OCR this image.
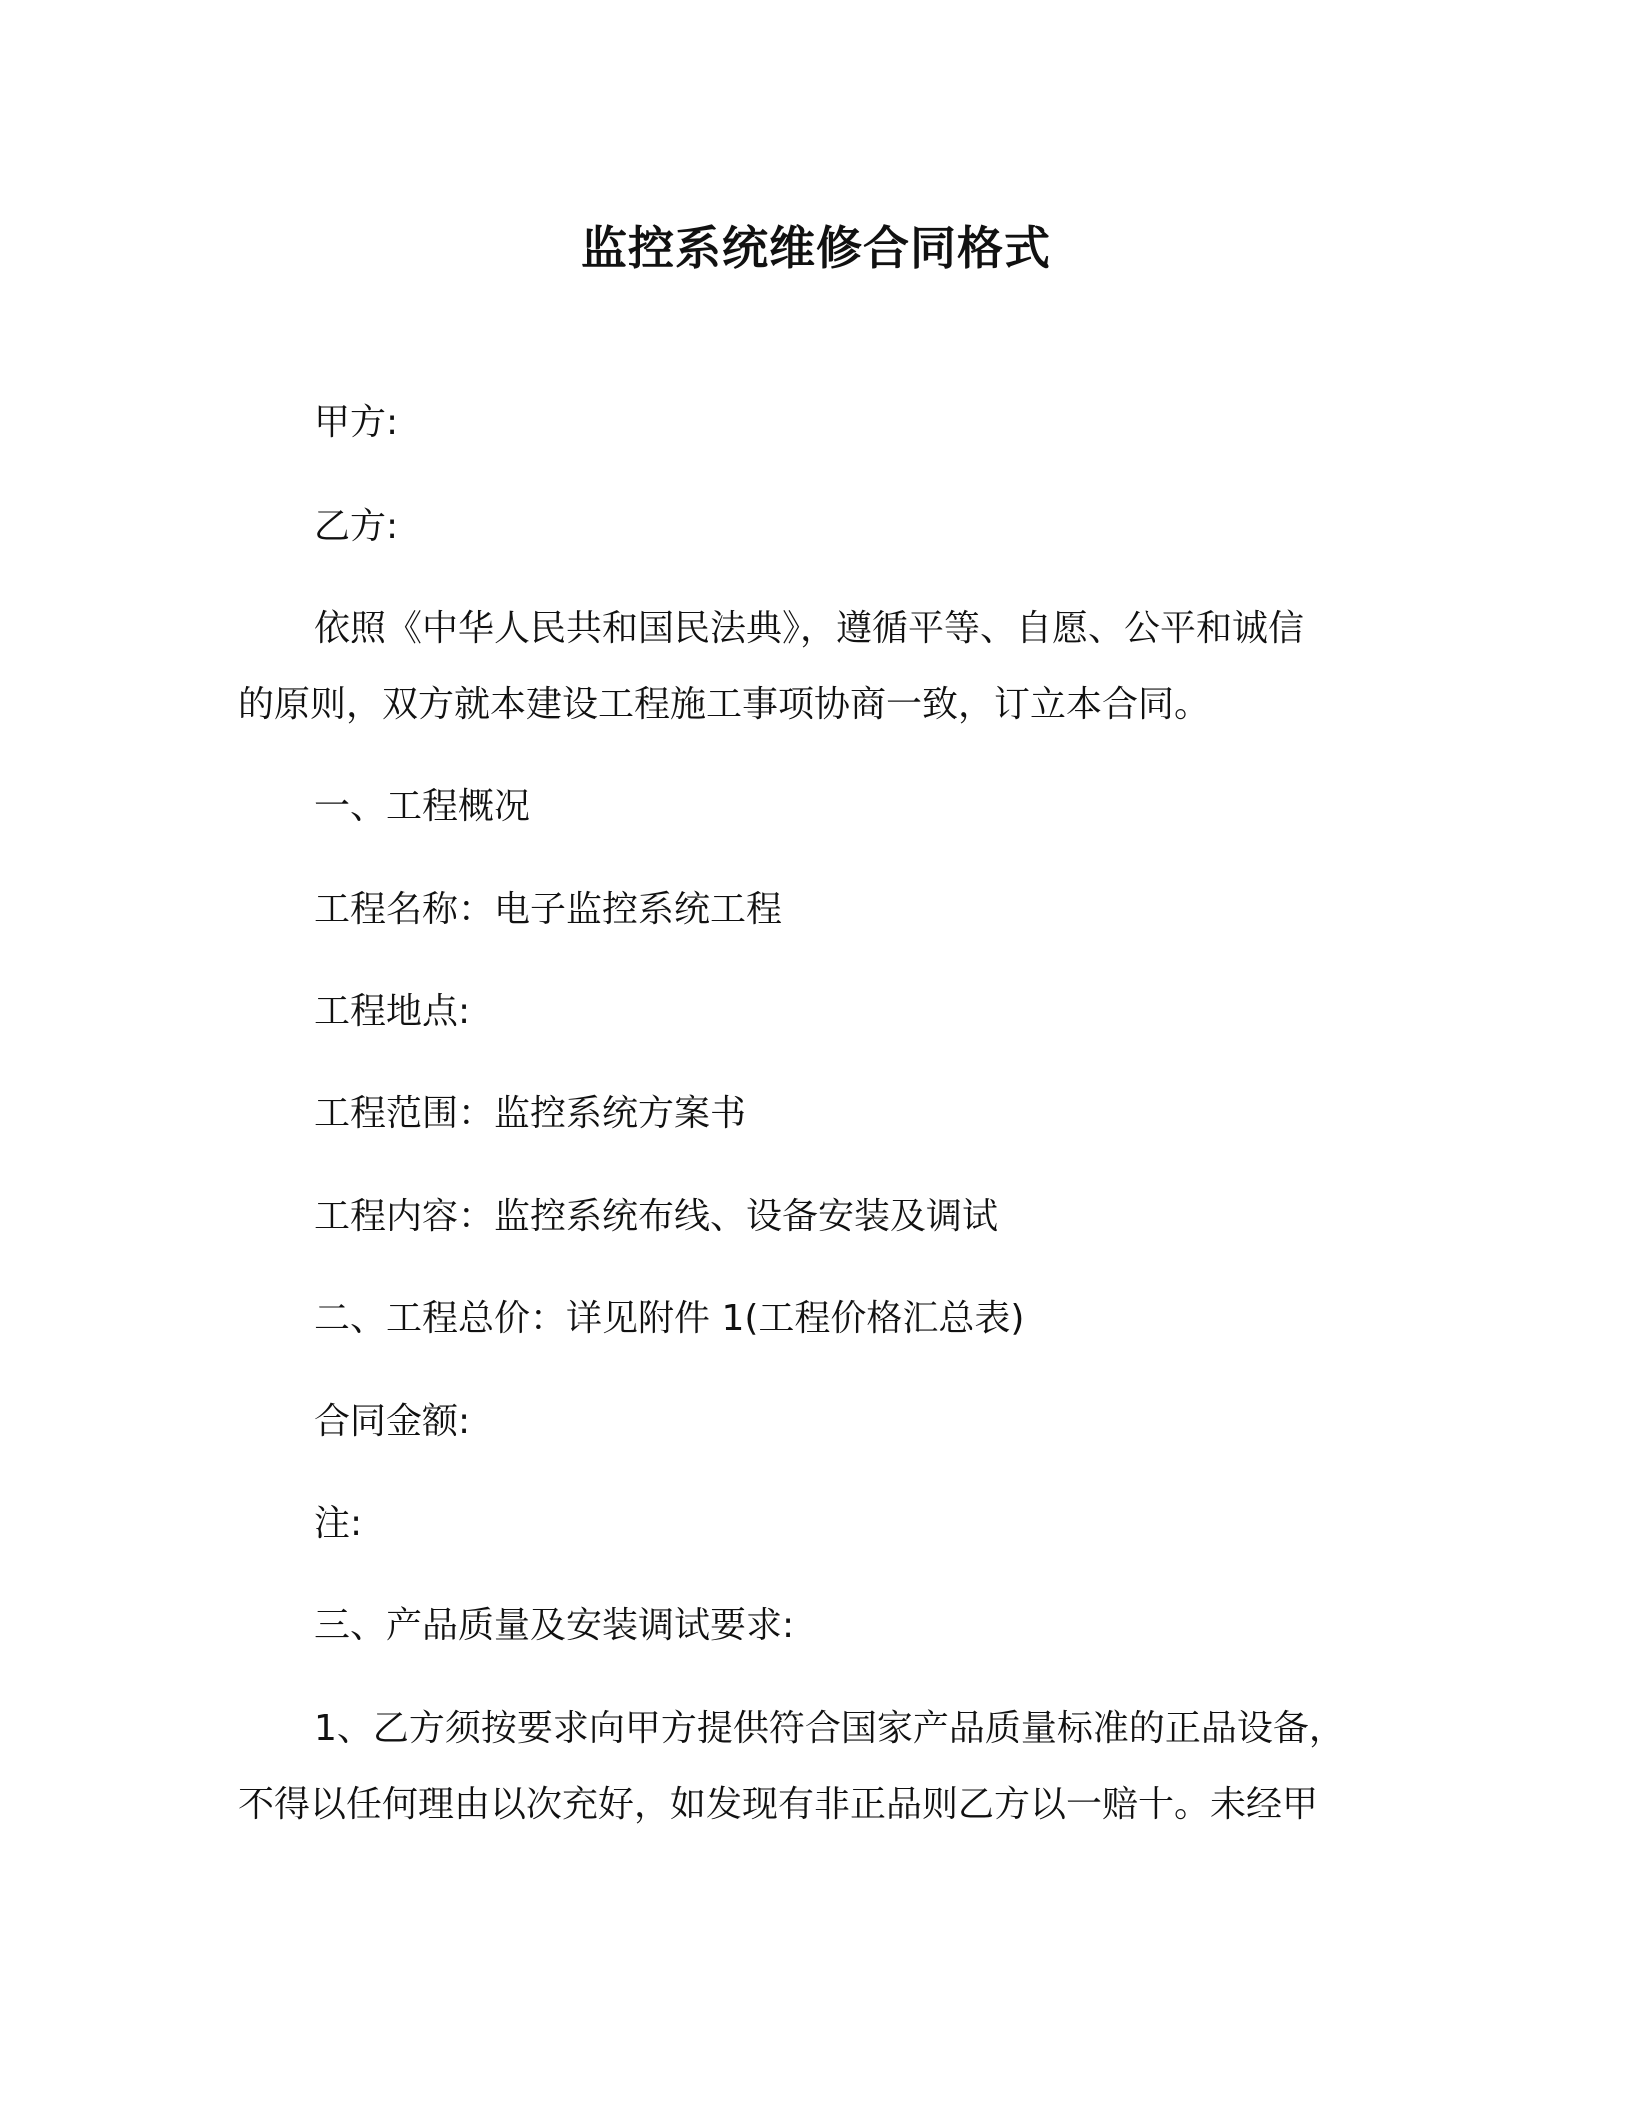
监控系统维修合同格式
甲方:
乙方:
依照《中华人民共和国民法典》，遵循平等、自愿、公平和诚信
的原则，双方就本建设工程施工事项协商一致，订立本合同。
一、工程概况
工程名称：电子监控系统工程
工程地点:
工程范围：监控系统方案书
工程内容：监控系统布线、设备安装及调试
二、工程总价：详见附件 1(工程价格汇总表)
合同金额:
注:
三、产品质量及安装调试要求:
1、乙方须按要求向甲方提供符合国家产品质量标准的正品设备，
不得以任何理由以次充好，如发现有非正品则乙方以一赔十。未经甲
